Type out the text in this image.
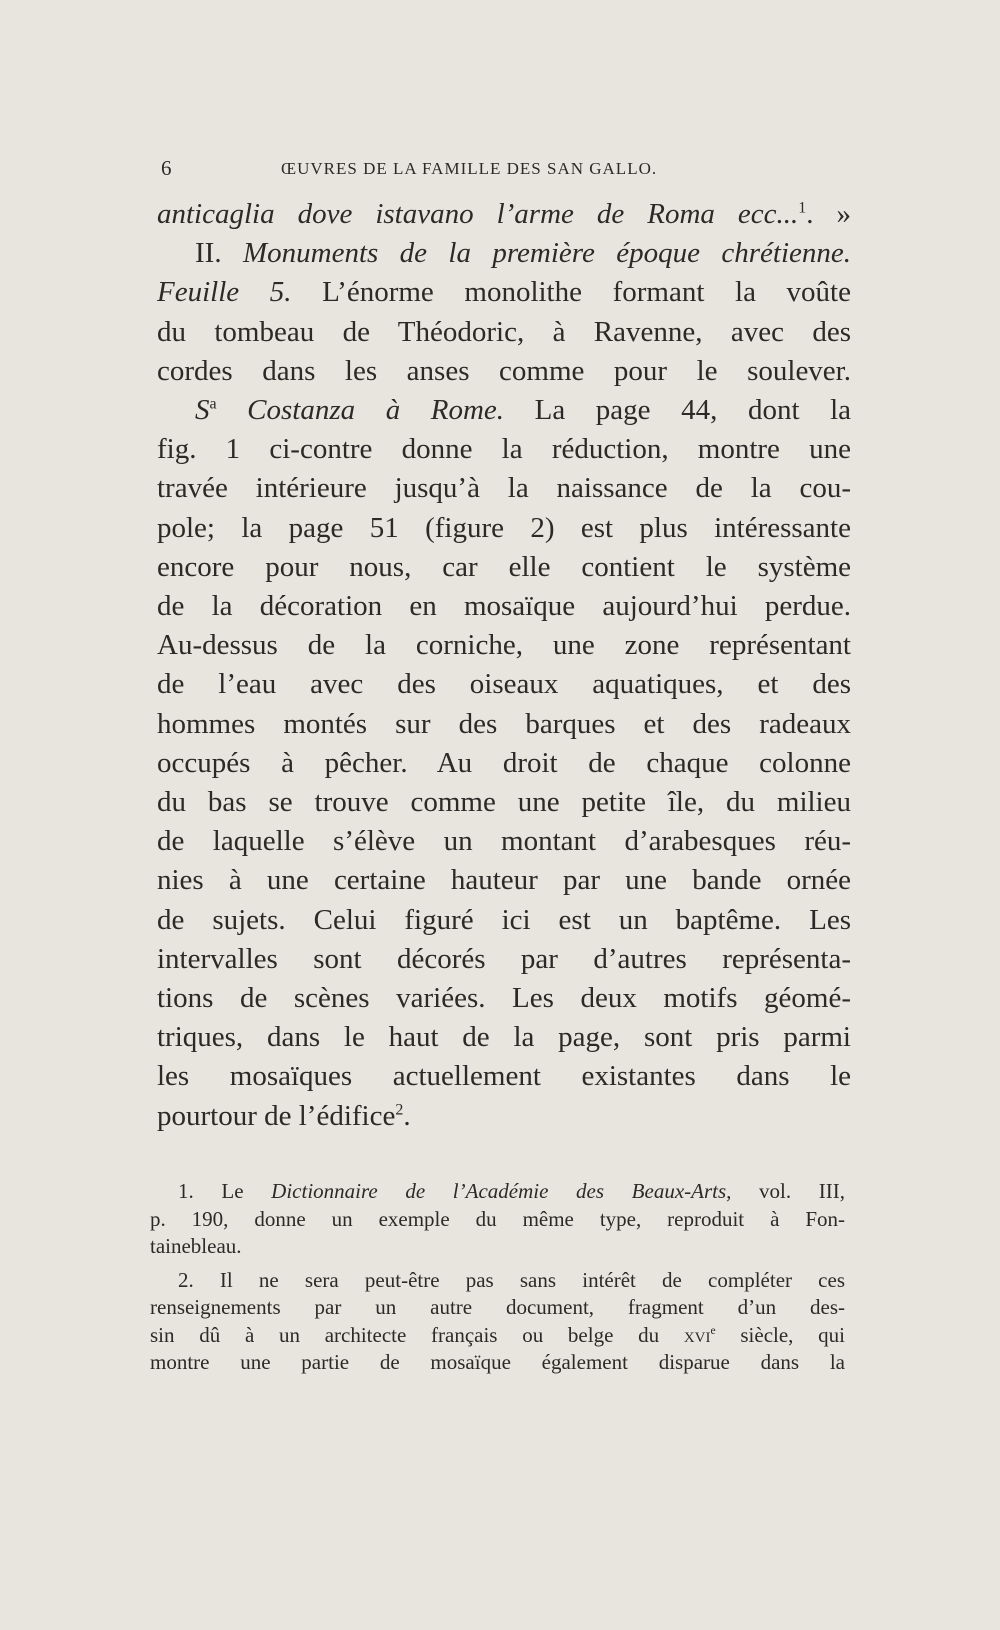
6	ŒUVRES DE LA FAMILLE DES SAN GALLO.
anticaglia dove istavano l’arme de Roma ecc...$^1$. »
II. Monuments de la première époque chrétienne.
Feuille 5. L’énorme monolithe formant la voûte
du tombeau de Théodoric, à Ravenne, avec des
cordes dans les anses comme pour le soulever.
$S^a$ Costanza à Rome. La page 44, dont la
fig. 1 ci-contre donne la réduction, montre une
travée intérieure jusqu’à la naissance de la cou-
pole; la page 51 (figure 2) est plus intéressante
encore pour nous, car elle contient le système
de la décoration en mosaïque aujourd’hui perdue.
Au-dessus de la corniche, une zone représentant
de l’eau avec des oiseaux aquatiques, et des
hommes montés sur des barques et des radeaux
occupés à pêcher. Au droit de chaque colonne
du bas se trouve comme une petite île, du milieu
de laquelle s’élève un montant d’arabesques réu-
nies à une certaine hauteur par une bande ornée
de sujets. Celui figuré ici est un baptême. Les
intervalles sont décorés par d’autres représenta-
tions de scènes variées. Les deux motifs géomé-
triques, dans le haut de la page, sont pris parmi
les mosaïques actuellement existantes dans le
pourtour de l’édifice$^2$.
1. Le Dictionnaire de l’Académie des Beaux-Arts, vol. III,
p. 190, donne un exemple du même type, reproduit à Fon-
tainebleau.
2. Il ne sera peut-être pas sans intérêt de compléter ces
renseignements par un autre document, fragment d’un des-
sin dû à un architecte français ou belge du xvi$^e$ siècle, qui
montre une partie de mosaïque également disparue dans la
